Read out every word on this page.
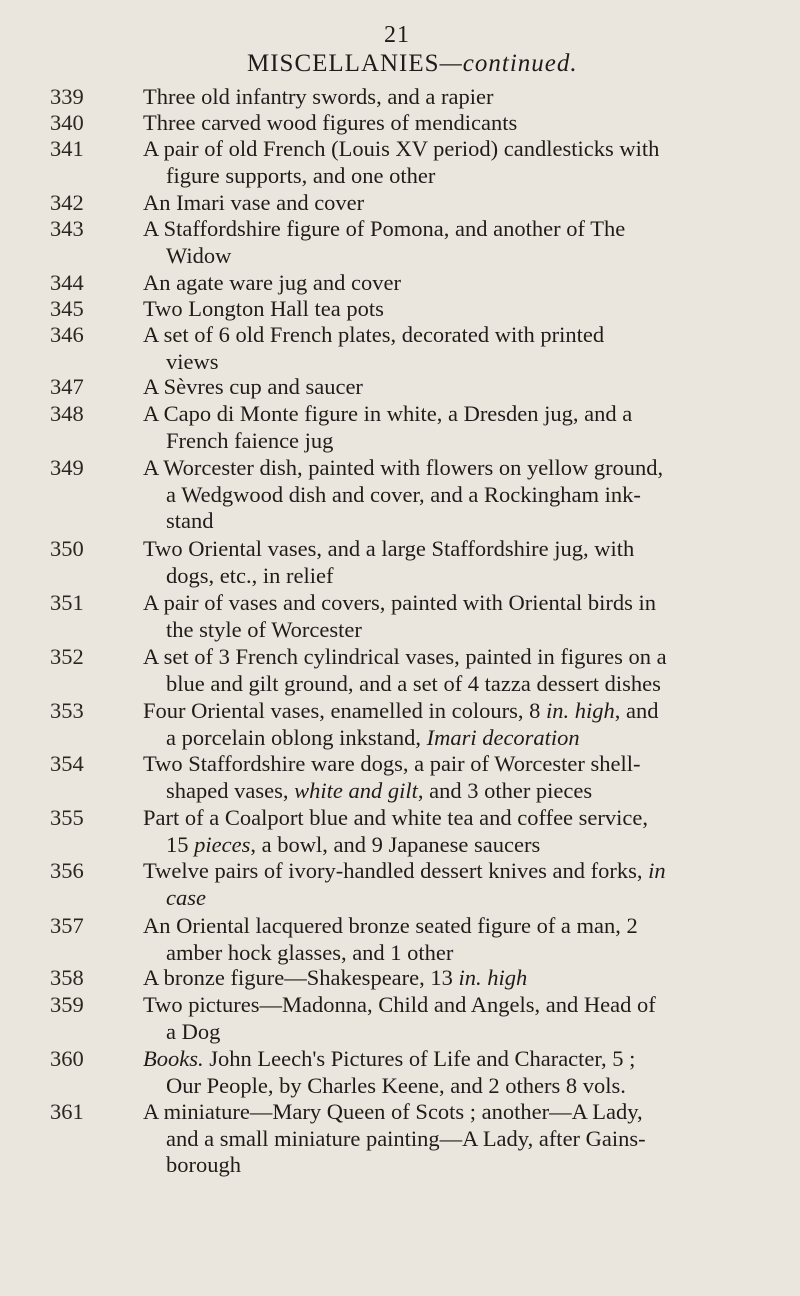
21
MISCELLANIES—continued.
339	Three old infantry swords, and a rapier
340	Three carved wood figures of mendicants
341	A pair of old French (Louis XV period) candlesticks with
figure supports, and one other
342	An Imari vase and cover
343	A Staffordshire figure of Pomona, and another of The
Widow
344	An agate ware jug and cover
345	Two Longton Hall tea pots
346	A set of 6 old French plates, decorated with printed
views
347	A Sèvres cup and saucer
348	A Capo di Monte figure in white, a Dresden jug, and a
French faience jug
349	A Worcester dish, painted with flowers on yellow ground,
a Wedgwood dish and cover, and a Rockingham ink-
stand
350	Two Oriental vases, and a large Staffordshire jug, with
dogs, etc., in relief
351	A pair of vases and covers, painted with Oriental birds in
the style of Worcester
352	A set of 3 French cylindrical vases, painted in figures on a
blue and gilt ground, and a set of 4 tazza dessert dishes
353	Four Oriental vases, enamelled in colours, 8 in. high, and
a porcelain oblong inkstand, Imari decoration
354	Two Staffordshire ware dogs, a pair of Worcester shell-
shaped vases, white and gilt, and 3 other pieces
355	Part of a Coalport blue and white tea and coffee service,
15 pieces, a bowl, and 9 Japanese saucers
356	Twelve pairs of ivory-handled dessert knives and forks, in
case
357	An Oriental lacquered bronze seated figure of a man, 2
amber hock glasses, and 1 other
358	A bronze figure—Shakespeare, 13 in. high
359	Two pictures—Madonna, Child and Angels, and Head of
a Dog
360	Books. John Leech's Pictures of Life and Character, 5 ;
Our People, by Charles Keene, and 2 others 8 vols.
361	A miniature—Mary Queen of Scots ; another—A Lady,
and a small miniature painting—A Lady, after Gains-
borough
